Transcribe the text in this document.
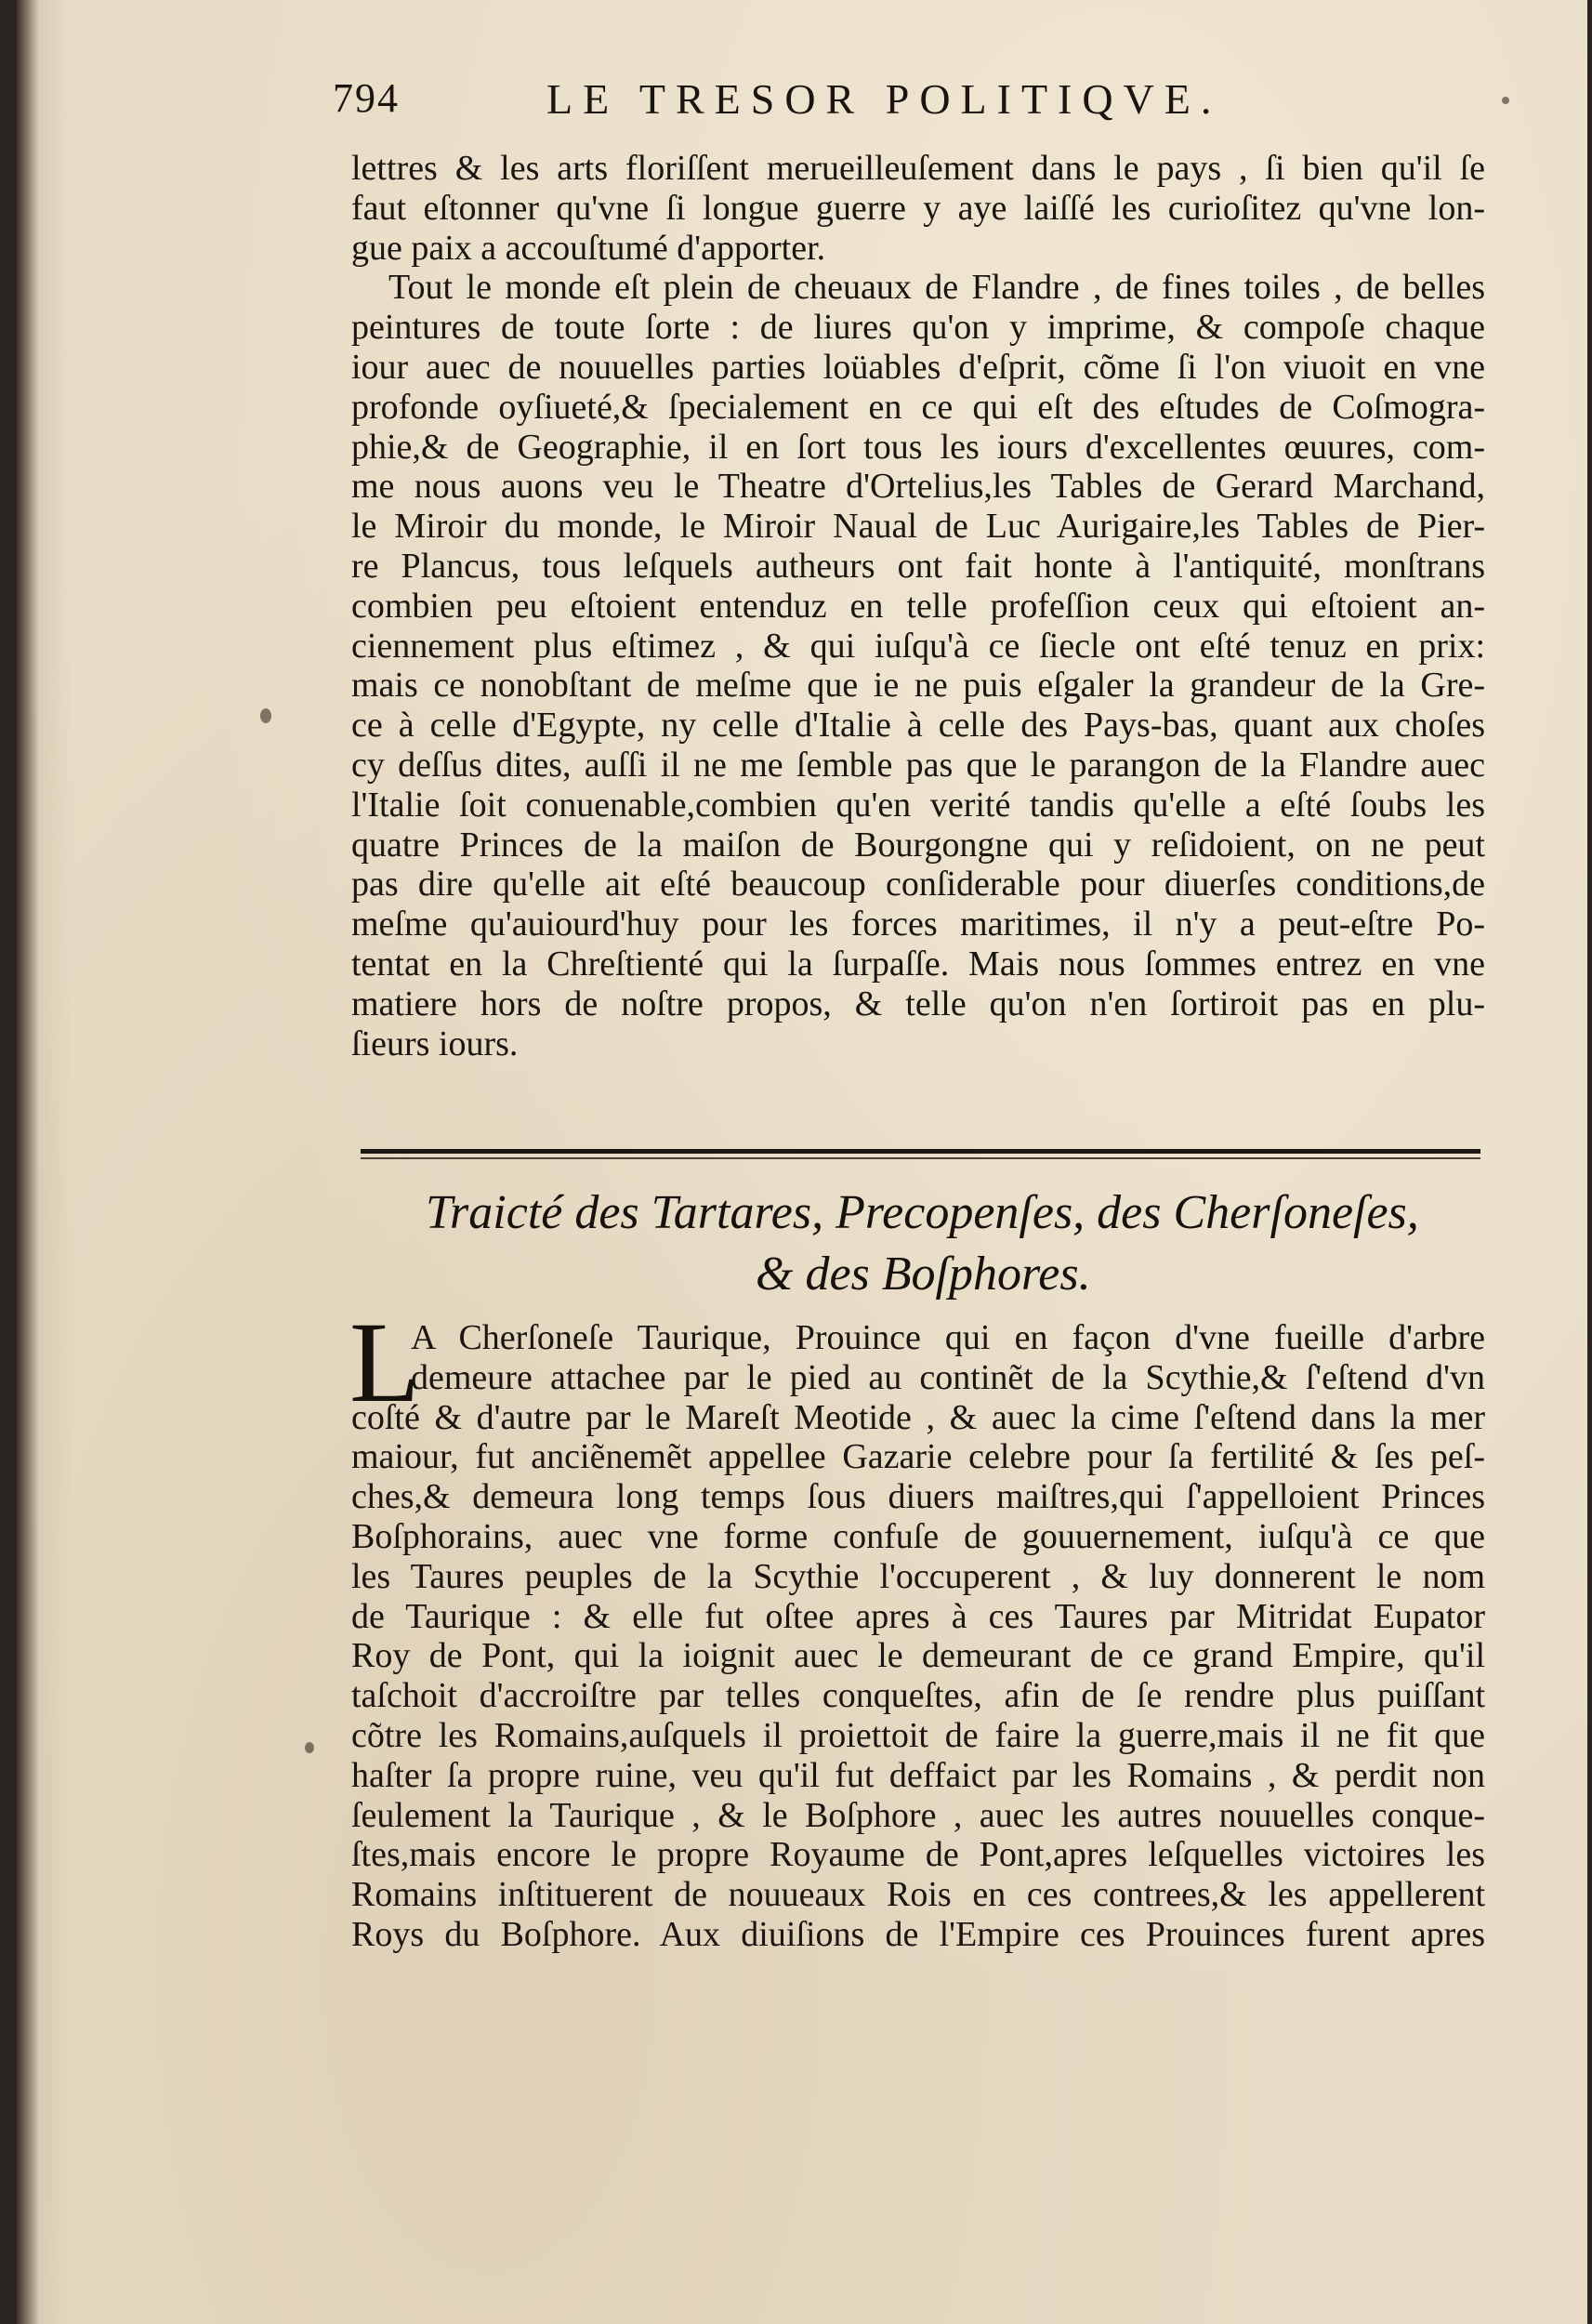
794	LE TRESOR POLITIQVE.
lettres & les arts floriſſent merueilleuſement dans le pays , ſi bien qu'il ſe
faut eſtonner qu'vne ſi longue guerre y aye laiſſé les curioſitez qu'vne lon-
gue paix a accouſtumé d'apporter.
Tout le monde eſt plein de cheuaux de Flandre , de fines toiles , de belles
peintures de toute ſorte : de liures qu'on y imprime, & compoſe chaque
iour auec de nouuelles parties loüables d'eſprit, cõme ſi l'on viuoit en vne
profonde oyſiueté,& ſpecialement en ce qui eſt des eſtudes de Coſmogra-
phie,& de Geographie, il en ſort tous les iours d'excellentes œuures, com-
me nous auons veu le Theatre d'Ortelius,les Tables de Gerard Marchand,
le Miroir du monde, le Miroir Naual de Luc Aurigaire,les Tables de Pier-
re Plancus, tous leſquels autheurs ont fait honte à l'antiquité, monſtrans
combien peu eſtoient entenduz en telle profeſſion ceux qui eſtoient an-
ciennement plus eſtimez , & qui iuſqu'à ce ſiecle ont eſté tenuz en prix:
mais ce nonobſtant de meſme que ie ne puis eſgaler la grandeur de la Gre-
ce à celle d'Egypte, ny celle d'Italie à celle des Pays-bas, quant aux choſes
cy deſſus dites, auſſi il ne me ſemble pas que le parangon de la Flandre auec
l'Italie ſoit conuenable,combien qu'en verité tandis qu'elle a eſté ſoubs les
quatre Princes de la maiſon de Bourgongne qui y reſidoient, on ne peut
pas dire qu'elle ait eſté beaucoup conſiderable pour diuerſes conditions,de
meſme qu'auiourd'huy pour les forces maritimes, il n'y a peut-eſtre Po-
tentat en la Chreſtienté qui la ſurpaſſe. Mais nous ſommes entrez en vne
matiere hors de noſtre propos, & telle qu'on n'en ſortiroit pas en plu-
ſieurs iours.
Traicté des Tartares, Precopenſes, des Cherſoneſes,
& des Boſphores.
L
A Cherſoneſe Taurique, Prouince qui en façon d'vne fueille d'arbre
demeure attachee par le pied au continẽt de la Scythie,& ſ'eſtend d'vn
coſté & d'autre par le Mareſt Meotide , & auec la cime ſ'eſtend dans la mer
maiour, fut anciẽnemẽt appellee Gazarie celebre pour ſa fertilité & ſes peſ-
ches,& demeura long temps ſous diuers maiſtres,qui ſ'appelloient Princes
Boſphorains, auec vne forme confuſe de gouuernement, iuſqu'à ce que
les Taures peuples de la Scythie l'occuperent , & luy donnerent le nom
de Taurique : & elle fut oſtee apres à ces Taures par Mitridat Eupator
Roy de Pont, qui la ioignit auec le demeurant de ce grand Empire, qu'il
taſchoit d'accroiſtre par telles conqueſtes, afin de ſe rendre plus puiſſant
cõtre les Romains,auſquels il proiettoit de faire la guerre,mais il ne fit que
haſter ſa propre ruine, veu qu'il fut deffaict par les Romains , & perdit non
ſeulement la Taurique , & le Boſphore , auec les autres nouuelles conque-
ſtes,mais encore le propre Royaume de Pont,apres leſquelles victoires les
Romains inſtituerent de nouueaux Rois en ces contrees,& les appellerent
Roys du Boſphore. Aux diuiſions de l'Empire ces Prouinces furent apres
